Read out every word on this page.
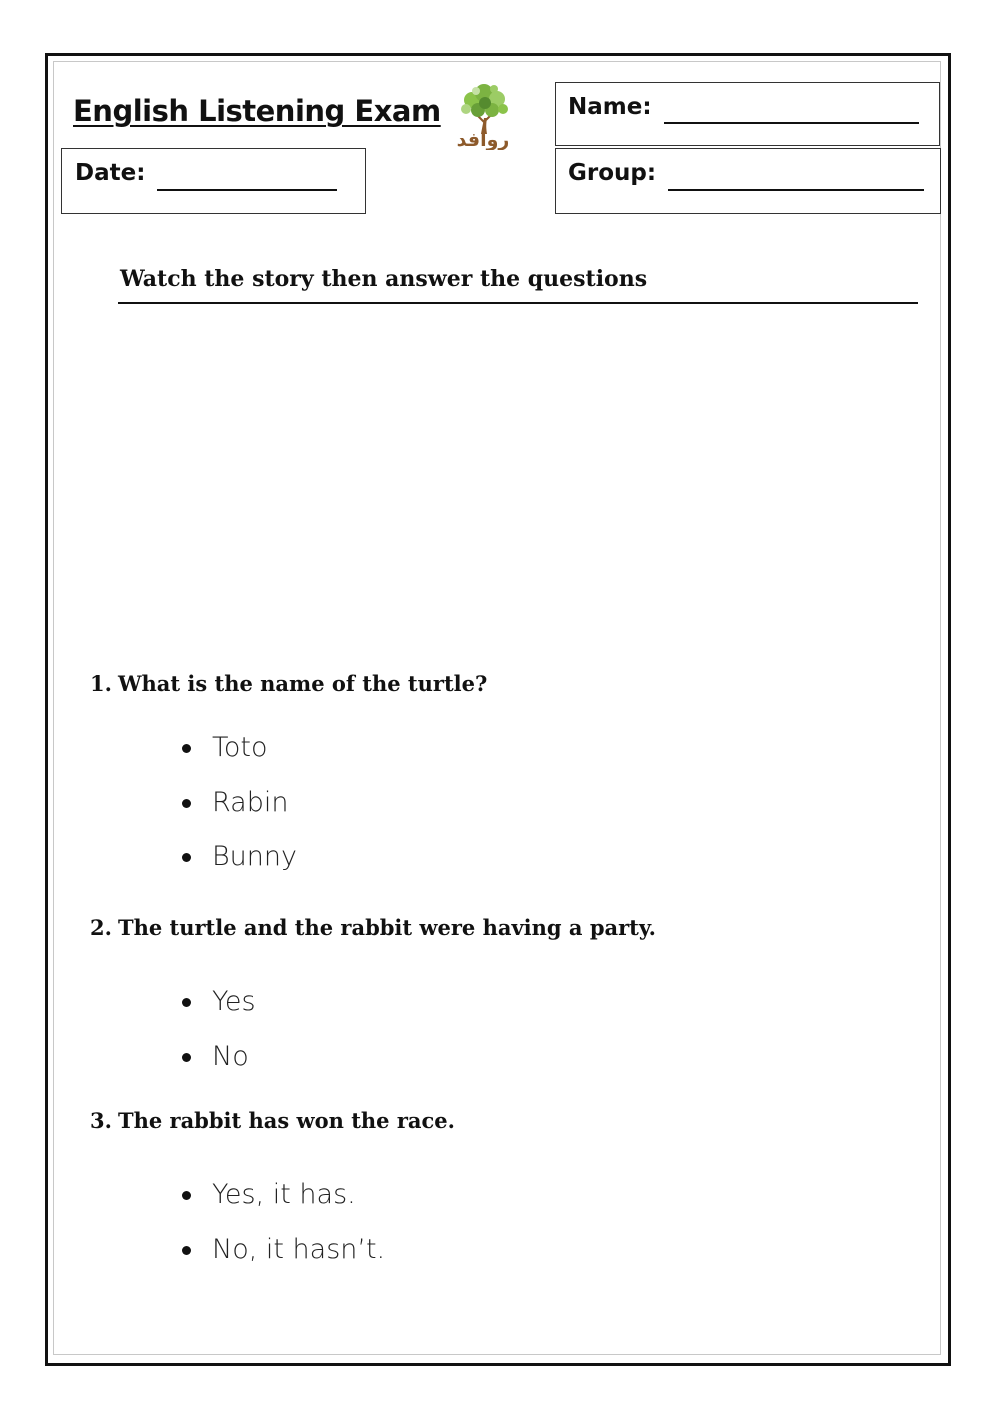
English Listening Exam
روافد
Name:
Date:	Group:
Watch the story then answer the questions
1. What is the name of the turtle?
Toto
Rabin
Bunny
2. The turtle and the rabbit were having a party.
Yes
No
3. The rabbit has won the race.
Yes, it has.
No, it hasn’t.
